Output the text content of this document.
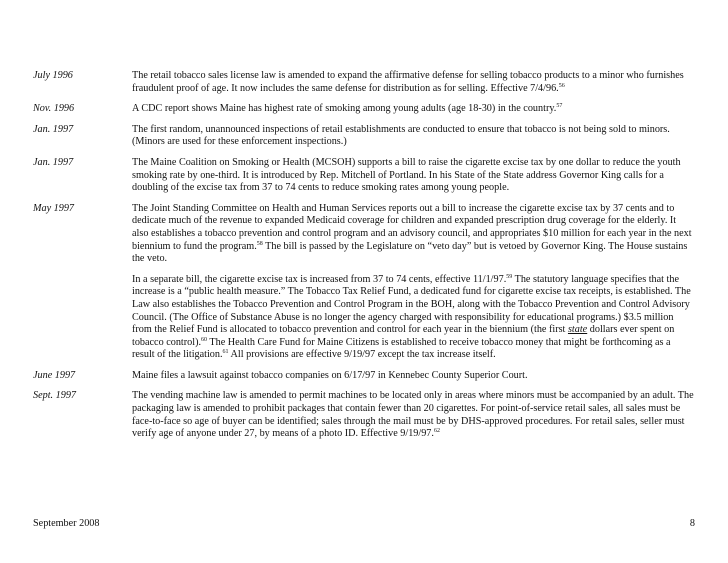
July 1996	The retail tobacco sales license law is amended to expand the affirmative defense for selling tobacco products to a minor who furnishes fraudulent proof of age. It now includes the same defense for distribution as for selling. Effective 7/4/96.56
Nov. 1996	A CDC report shows Maine has highest rate of smoking among young adults (age 18-30) in the country.$^{57}$
Jan. 1997	The first random, unannounced inspections of retail establishments are conducted to ensure that tobacco is not being sold to minors. (Minors are used for these enforcement inspections.)
Jan. 1997	The Maine Coalition on Smoking or Health (MCSOH) supports a bill to raise the cigarette excise tax by one dollar to reduce the youth smoking rate by one-third. It is introduced by Rep. Mitchell of Portland. In his State of the State address Governor King calls for a doubling of the excise tax from 37 to 74 cents to reduce smoking rates among young people.
May 1997	The Joint Standing Committee on Health and Human Services reports out a bill to increase the cigarette excise tax by 37 cents and to dedicate much of the revenue to expanded Medicaid coverage for children and expanded prescription drug coverage for the elderly. It also establishes a tobacco prevention and control program and an advisory council, and appropriates $10 million for each year in the next biennium to fund the program.$^{58}$ The bill is passed by the Legislature on “veto day” but is vetoed by Governor King. The House sustains the veto.
In a separate bill, the cigarette excise tax is increased from 37 to 74 cents, effective 11/1/97.59 The statutory language specifies that the increase is a “public health measure.” The Tobacco Tax Relief Fund, a dedicated fund for cigarette excise tax receipts, is established. The Law also establishes the Tobacco Prevention and Control Program in the BOH, along with the Tobacco Prevention and Control Advisory Council. (The Office of Substance Abuse is no longer the agency charged with responsibility for educational programs.) $3.5 million from the Relief Fund is allocated to tobacco prevention and control for each year in the biennium (the first state dollars ever spent on tobacco control).$^{60}$ The Health Care Fund for Maine Citizens is established to receive tobacco money that might be forthcoming as a result of the litigation.$^{61}$ All provisions are effective 9/19/97 except the tax increase itself.
June 1997	Maine files a lawsuit against tobacco companies on 6/17/97 in Kennebec County Superior Court.
Sept. 1997	The vending machine law is amended to permit machines to be located only in areas where minors must be accompanied by an adult. The packaging law is amended to prohibit packages that contain fewer than 20 cigarettes. For point-of-service retail sales, all sales must be face-to-face so age of buyer can be identified; sales through the mail must be by DHS-approved procedures. For retail sales, seller must verify age of anyone under 27, by means of a photo ID. Effective 9/19/97.62
September 2008	8
